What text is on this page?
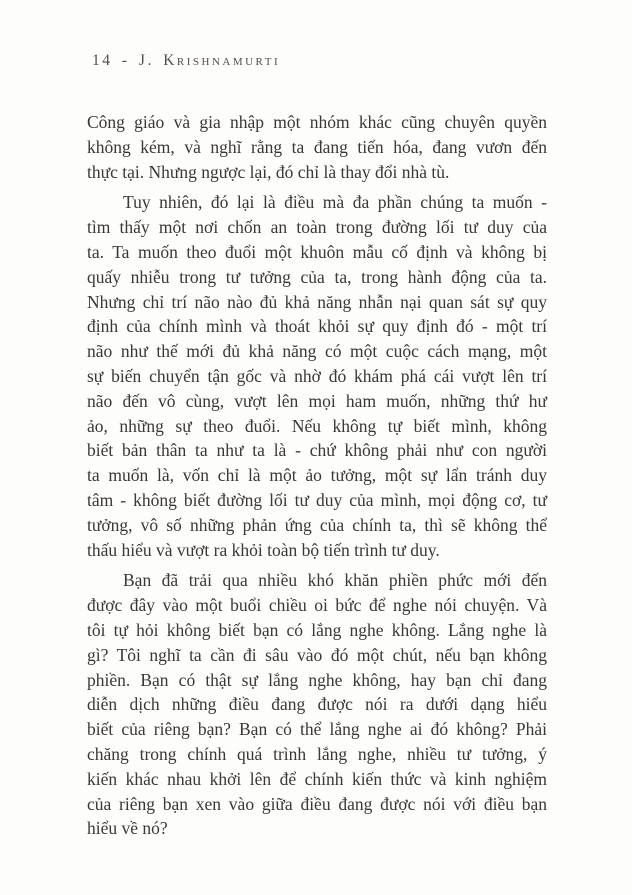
14 - J. Krishnamurti
Công giáo và gia nhập một nhóm khác cũng chuyên quyền
không kém, và nghĩ rằng ta đang tiến hóa, đang vươn đến
thực tại. Nhưng ngược lại, đó chỉ là thay đổi nhà tù.
Tuy nhiên, đó lại là điều mà đa phần chúng ta muốn -
tìm thấy một nơi chốn an toàn trong đường lối tư duy của
ta. Ta muốn theo đuổi một khuôn mẫu cố định và không bị
quấy nhiễu trong tư tưởng của ta, trong hành động của ta.
Nhưng chỉ trí não nào đủ khả năng nhẫn nại quan sát sự quy
định của chính mình và thoát khỏi sự quy định đó - một trí
não như thế mới đủ khả năng có một cuộc cách mạng, một
sự biến chuyển tận gốc và nhờ đó khám phá cái vượt lên trí
não đến vô cùng, vượt lên mọi ham muốn, những thứ hư
ảo, những sự theo đuổi. Nếu không tự biết mình, không
biết bản thân ta như ta là - chứ không phải như con người
ta muốn là, vốn chỉ là một ảo tưởng, một sự lẩn tránh duy
tâm - không biết đường lối tư duy của mình, mọi động cơ, tư
tưởng, vô số những phản ứng của chính ta, thì sẽ không thể
thấu hiểu và vượt ra khỏi toàn bộ tiến trình tư duy.
Bạn đã trải qua nhiều khó khăn phiền phức mới đến
được đây vào một buổi chiều oi bức để nghe nói chuyện. Và
tôi tự hỏi không biết bạn có lắng nghe không. Lắng nghe là
gì? Tôi nghĩ ta cần đi sâu vào đó một chút, nếu bạn không
phiền. Bạn có thật sự lắng nghe không, hay bạn chỉ đang
diễn dịch những điều đang được nói ra dưới dạng hiểu
biết của riêng bạn? Bạn có thể lắng nghe ai đó không? Phải
chăng trong chính quá trình lắng nghe, nhiều tư tưởng, ý
kiến khác nhau khởi lên để chính kiến thức và kinh nghiệm
của riêng bạn xen vào giữa điều đang được nói với điều bạn
hiểu về nó?
